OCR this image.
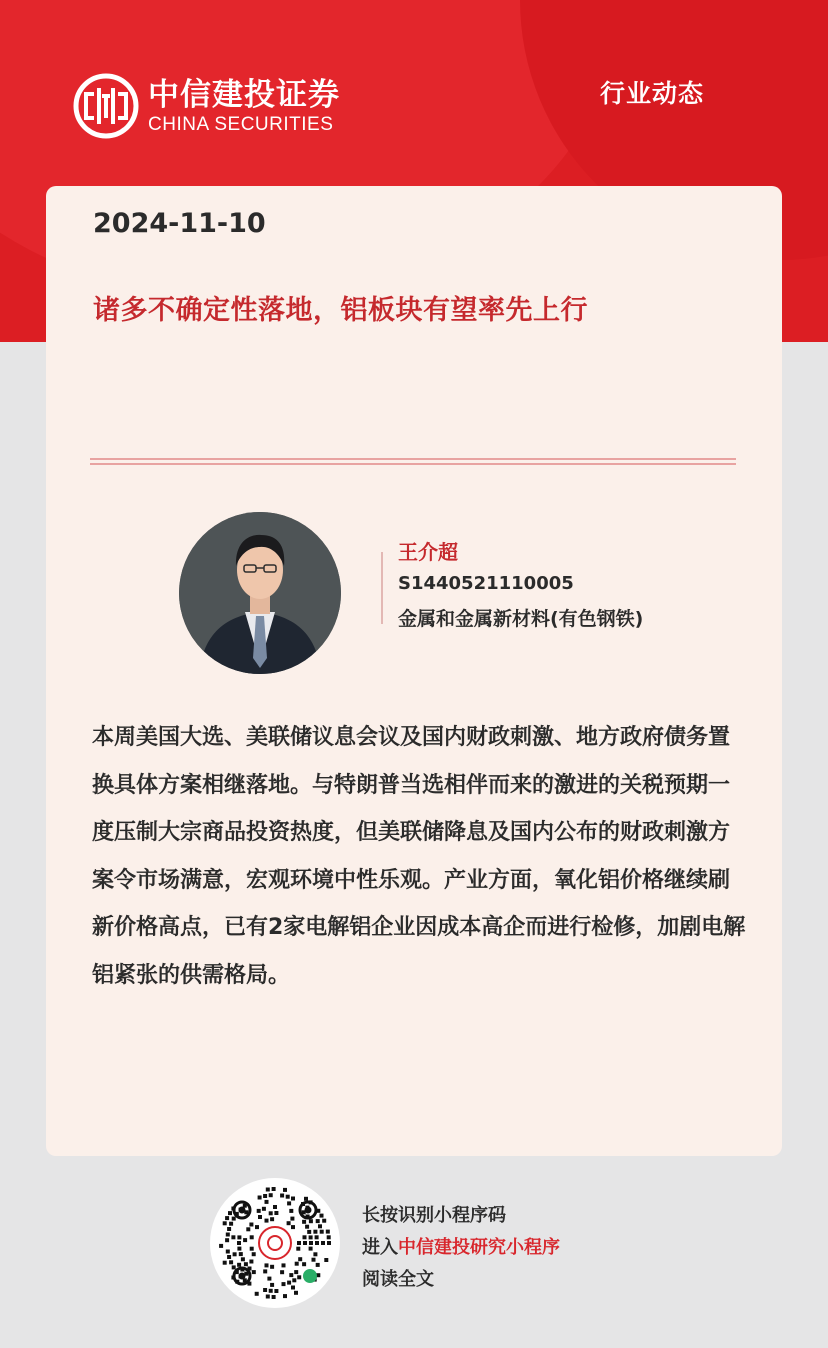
中信建投证券
CHINA SECURITIES
行业动态
2024-11-10
诸多不确定性落地，铝板块有望率先上行
王介超
S1440521110005
金属和金属新材料(有色钢铁)
本周美国大选、美联储议息会议及国内财政刺激、地方政府债务置换具体方案相继落地。与特朗普当选相伴而来的激进的关税预期一度压制大宗商品投资热度，但美联储降息及国内公布的财政刺激方案令市场满意，宏观环境中性乐观。产业方面，氧化铝价格继续刷新价格高点，已有2家电解铝企业因成本高企而进行检修，加剧电解铝紧张的供需格局。
长按识别小程序码
进入中信建投研究小程序
阅读全文
